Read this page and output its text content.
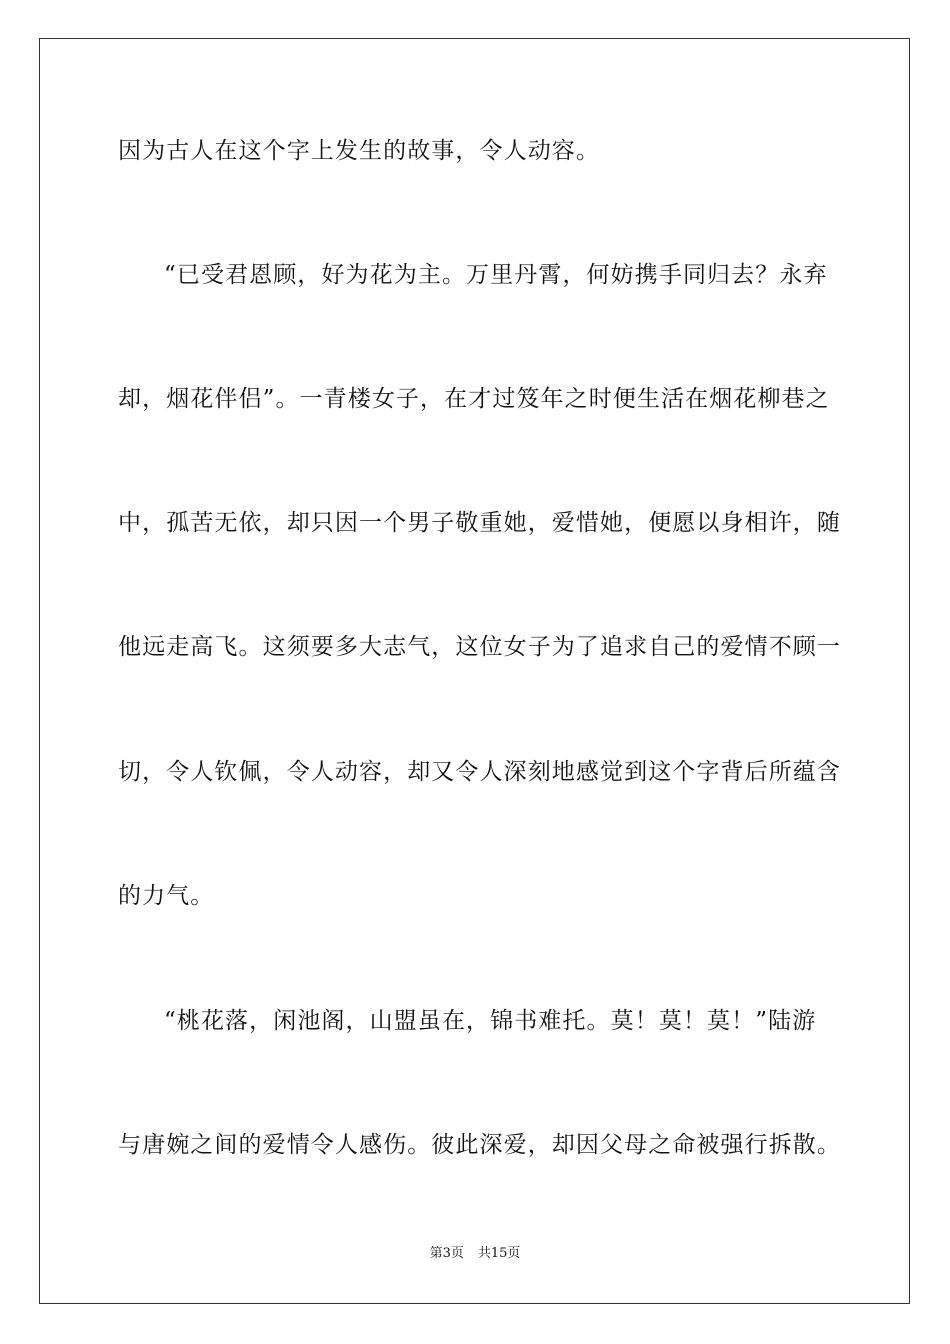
因为古人在这个字上发生的故事，令人动容。
“已受君恩顾，好为花为主。万里丹霄，何妨携手同归去？永弃
却，烟花伴侣”。一青楼女子，在才过笈年之时便生活在烟花柳巷之
中，孤苦无依，却只因一个男子敬重她，爱惜她，便愿以身相许，随
他远走高飞。这须要多大志气，这位女子为了追求自己的爱情不顾一
切，令人钦佩，令人动容，却又令人深刻地感觉到这个字背后所蕴含
的力气。
“桃花落，闲池阁，山盟虽在，锦书难托。莫！莫！莫！”陆游
与唐婉之间的爱情令人感伤。彼此深爱，却因父母之命被强行拆散。
第3页 共15页
